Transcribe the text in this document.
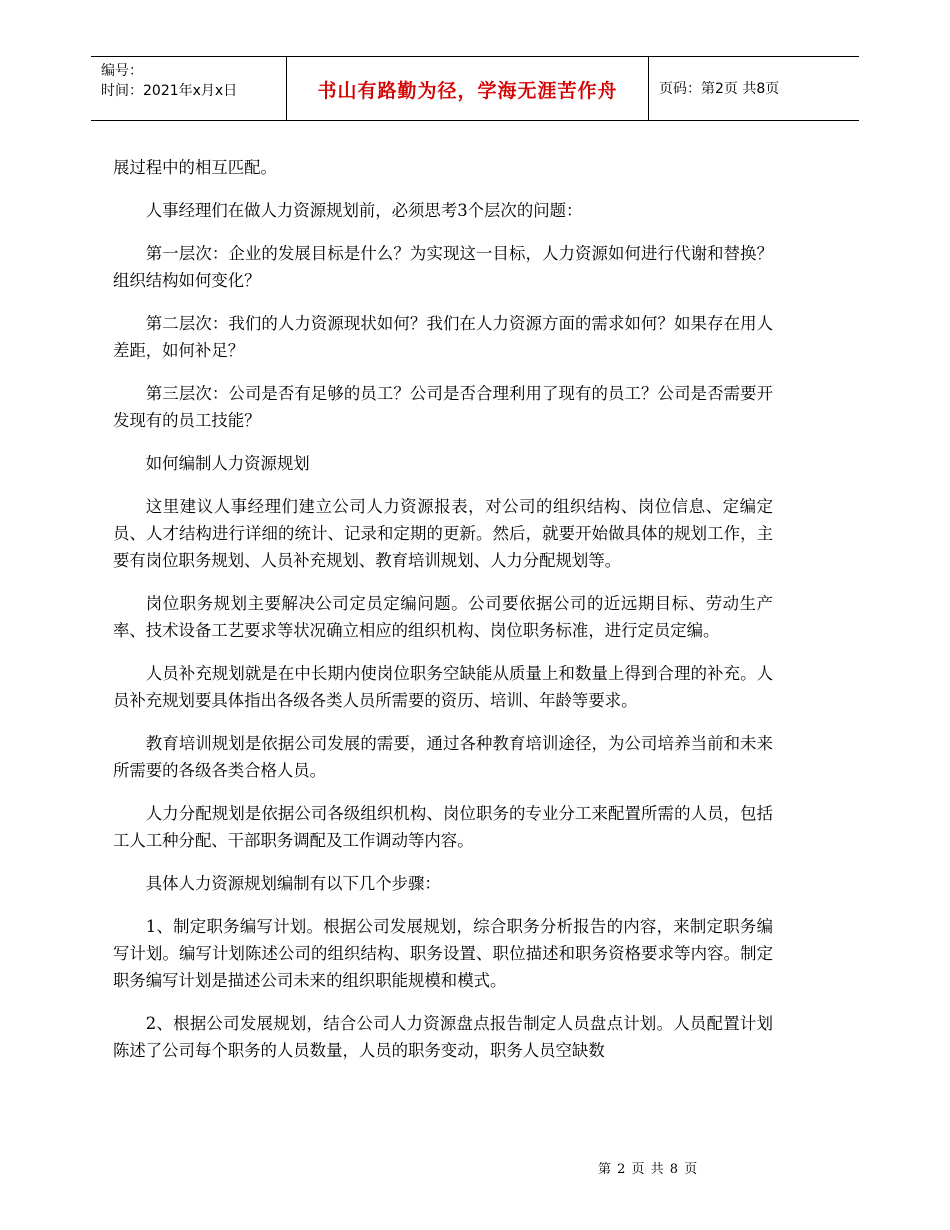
编号：
时间：2021年x月x日	书山有路勤为径，学海无涯苦作舟	页码：第2页 共8页

展过程中的相互匹配。

人事经理们在做人力资源规划前，必须思考3个层次的问题：

第一层次：企业的发展目标是什么？为实现这一目标，人力资源如何进行代谢和替换？组织结构如何变化？

第二层次：我们的人力资源现状如何？我们在人力资源方面的需求如何？如果存在用人差距，如何补足？

第三层次：公司是否有足够的员工？公司是否合理利用了现有的员工？公司是否需要开发现有的员工技能？

如何编制人力资源规划

这里建议人事经理们建立公司人力资源报表，对公司的组织结构、岗位信息、定编定员、人才结构进行详细的统计、记录和定期的更新。然后，就要开始做具体的规划工作，主要有岗位职务规划、人员补充规划、教育培训规划、人力分配规划等。

岗位职务规划主要解决公司定员定编问题。公司要依据公司的近远期目标、劳动生产率、技术设备工艺要求等状况确立相应的组织机构、岗位职务标准，进行定员定编。

人员补充规划就是在中长期内使岗位职务空缺能从质量上和数量上得到合理的补充。人员补充规划要具体指出各级各类人员所需要的资历、培训、年龄等要求。

教育培训规划是依据公司发展的需要，通过各种教育培训途径，为公司培养当前和未来所需要的各级各类合格人员。

人力分配规划是依据公司各级组织机构、岗位职务的专业分工来配置所需的人员，包括工人工种分配、干部职务调配及工作调动等内容。

具体人力资源规划编制有以下几个步骤：

1、制定职务编写计划。根据公司发展规划，综合职务分析报告的内容，来制定职务编写计划。编写计划陈述公司的组织结构、职务设置、职位描述和职务资格要求等内容。制定职务编写计划是描述公司未来的组织职能规模和模式。

2、根据公司发展规划，结合公司人力资源盘点报告制定人员盘点计划。人员配置计划陈述了公司每个职务的人员数量，人员的职务变动，职务人员空缺数

第 2 页 共 8 页
